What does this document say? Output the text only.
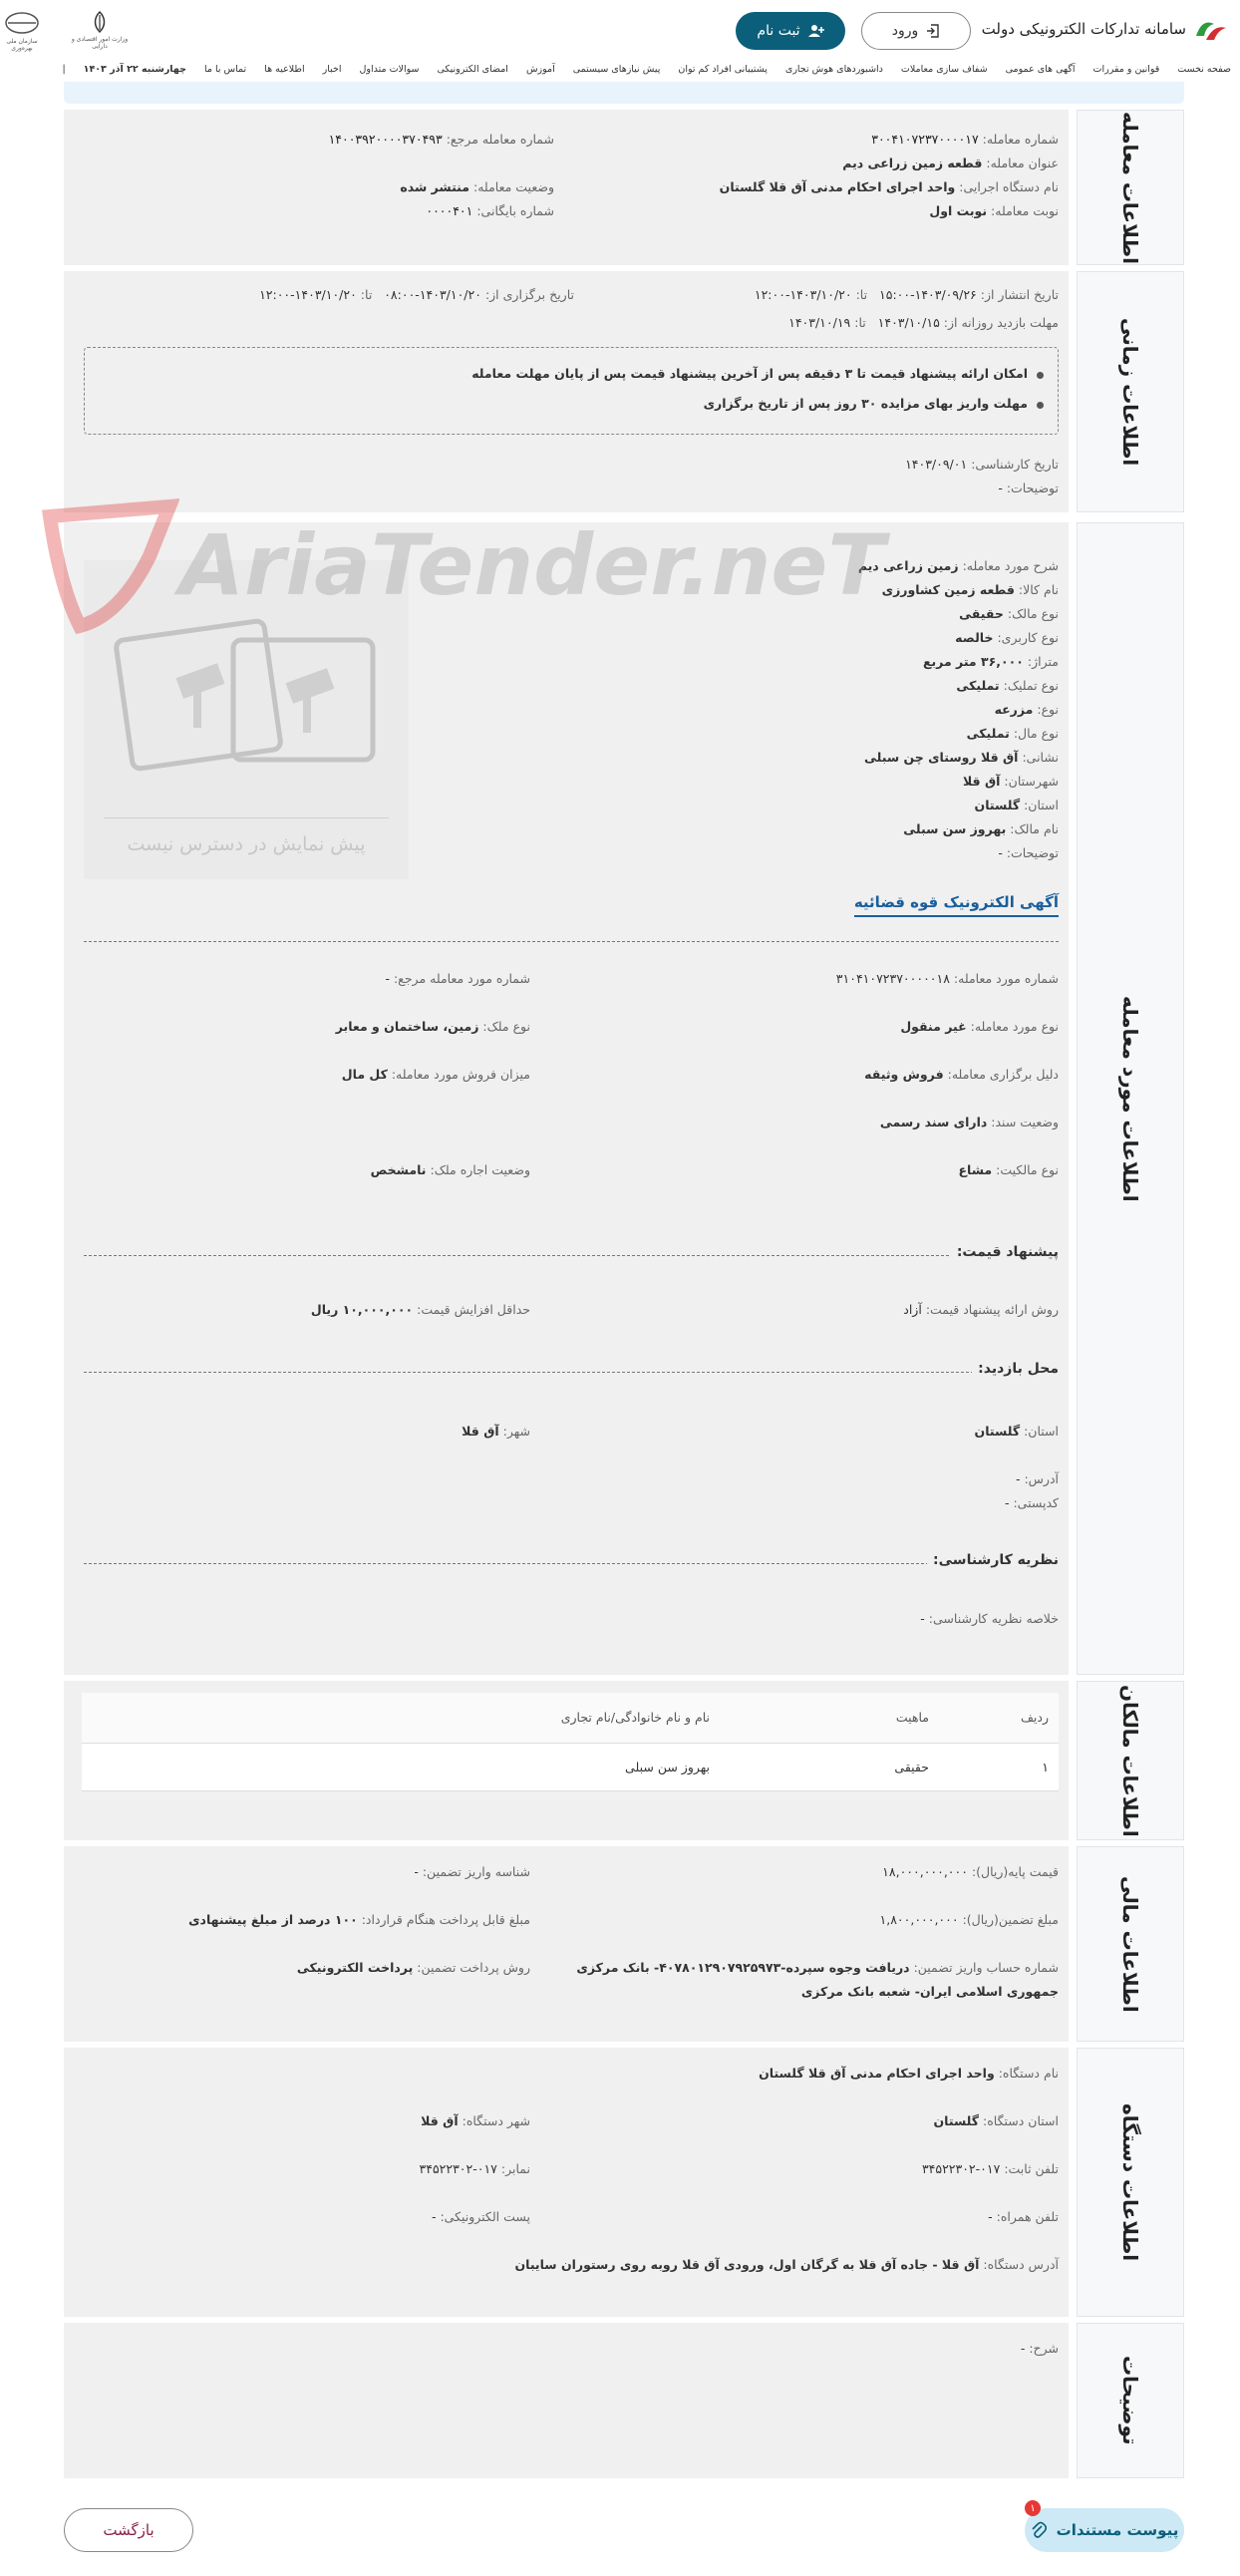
سامانه تدارکات الکترونیکی دولت
ثبت نام	ورود
وزارت امور اقتصادی و دارایی
سازمان ملی بهره‌وری
صفحه نخست
قوانین و مقررات
آگهی های عمومی
شفاف سازی معاملات
داشبوردهای هوش تجاری
پشتیبانی افراد کم توان
پیش نیازهای سیستمی
آموزش
امضای الکترونیکی
سوالات متداول
اخبار
اطلاعیه ها
تماس با ما
چهارشنبه ۲۲ آذر ۱۴۰۳
|
اطلاعات معامله
شماره معامله: ۳۰۰۴۱۰۷۲۳۷۰۰۰۰۱۷
شماره معامله مرجع: ۱۴۰۰۳۹۲۰۰۰۰۳۷۰۴۹۳
عنوان معامله: قطعه زمین زراعی دیم
نام دستگاه اجرایی: واحد اجرای احکام مدنی آق قلا گلستان
وضعیت معامله: منتشر شده
نوبت معامله: نوبت اول
شماره بایگانی: ۰۰۰۰۴۰۱
اطلاعات زمانی
تاریخ انتشار از: ۱۴۰۳/۰۹/۲۶-۱۵:۰۰   تا: ۱۴۰۳/۱۰/۲۰-۱۲:۰۰
تاریخ برگزاری از: ۱۴۰۳/۱۰/۲۰-۰۸:۰۰   تا: ۱۴۰۳/۱۰/۲۰-۱۲:۰۰
مهلت بازدید روزانه از: ۱۴۰۳/۱۰/۱۵   تا: ۱۴۰۳/۱۰/۱۹
امکان ارائه پیشنهاد قیمت تا ۳ دقیقه پس از آخرین پیشنهاد قیمت پس از پایان مهلت معامله
مهلت واریز بهای مزایده ۳۰ روز پس از تاریخ برگزاری
تاریخ کارشناسی: ۱۴۰۳/۰۹/۰۱
توضیحات: -
اطلاعات مورد معامله
شرح مورد معامله: زمین زراعی دیم
نام کالا: قطعه زمین کشاورزی
نوع مالک: حقیقی
نوع کاربری: خالصه
متراژ: ۳۶,۰۰۰ متر مربع
نوع تملیک: تملیکی
نوع: مزرعه
نوع مال: تملیکی
نشانی: آق قلا روستای چن سبلی
شهرستان: آق قلا
استان: گلستان
نام مالک: بهروز سن سبلی
توضیحات: -
پیش نمایش در دسترس نیست
آگهی الکترونیک قوه قضائیه
شماره مورد معامله: ۳۱۰۴۱۰۷۲۳۷۰۰۰۰۰۱۸
شماره مورد معامله مرجع: -
نوع مورد معامله: غیر منقول
نوع ملک: زمین، ساختمان و معابر
دلیل برگزاری معامله: فروش وثیقه
میزان فروش مورد معامله: کل مال
وضعیت سند: دارای سند رسمی
نوع مالکیت: مشاع
وضعیت اجاره ملک: نامشخص
پیشنهاد قیمت:
روش ارائه پیشنهاد قیمت: آزاد
حداقل افزایش قیمت: ۱۰,۰۰۰,۰۰۰ ریال
محل بازدید:
استان: گلستان
شهر: آق قلا
آدرس: -
کدپستی: -
نظریه کارشناسی:
خلاصه نظریه کارشناسی: -
AriaTender.neT
اطلاعات مالکان
ردیف	ماهیت	نام و نام خانوادگی/نام تجاری
۱	حقیقی	بهروز سن سبلی
اطلاعات مالی
قیمت پایه(ریال): ۱۸,۰۰۰,۰۰۰,۰۰۰
شناسه واریز تضمین: -
مبلغ تضمین(ریال): ۱,۸۰۰,۰۰۰,۰۰۰
مبلغ قابل پرداخت هنگام قرارداد: ۱۰۰ درصد از مبلغ پیشنهادی
شماره حساب واریز تضمین: دریافت وجوه سپرده-۴۰۷۸۰۱۲۹۰۷۹۲۵۹۷۳- بانک مرکزی
جمهوری اسلامی ایران- شعبه بانک مرکزی
روش پرداخت تضمین: پرداخت الکترونیکی
اطلاعات دستگاه
نام دستگاه: واحد اجرای احکام مدنی آق قلا گلستان
استان دستگاه: گلستان
شهر دستگاه: آق قلا
تلفن ثابت: ۰۱۷-۳۴۵۲۲۳۰۲
نمابر: ۰۱۷-۳۴۵۲۲۳۰۲
تلفن همراه: -
پست الکترونیکی: -
آدرس دستگاه: آق قلا - جاده آق قلا به گرگان اول، ورودی آق قلا روبه روی رستوران سایبان
توضیحات
شرح: -
پیوست مستندات
۱
بازگشت
